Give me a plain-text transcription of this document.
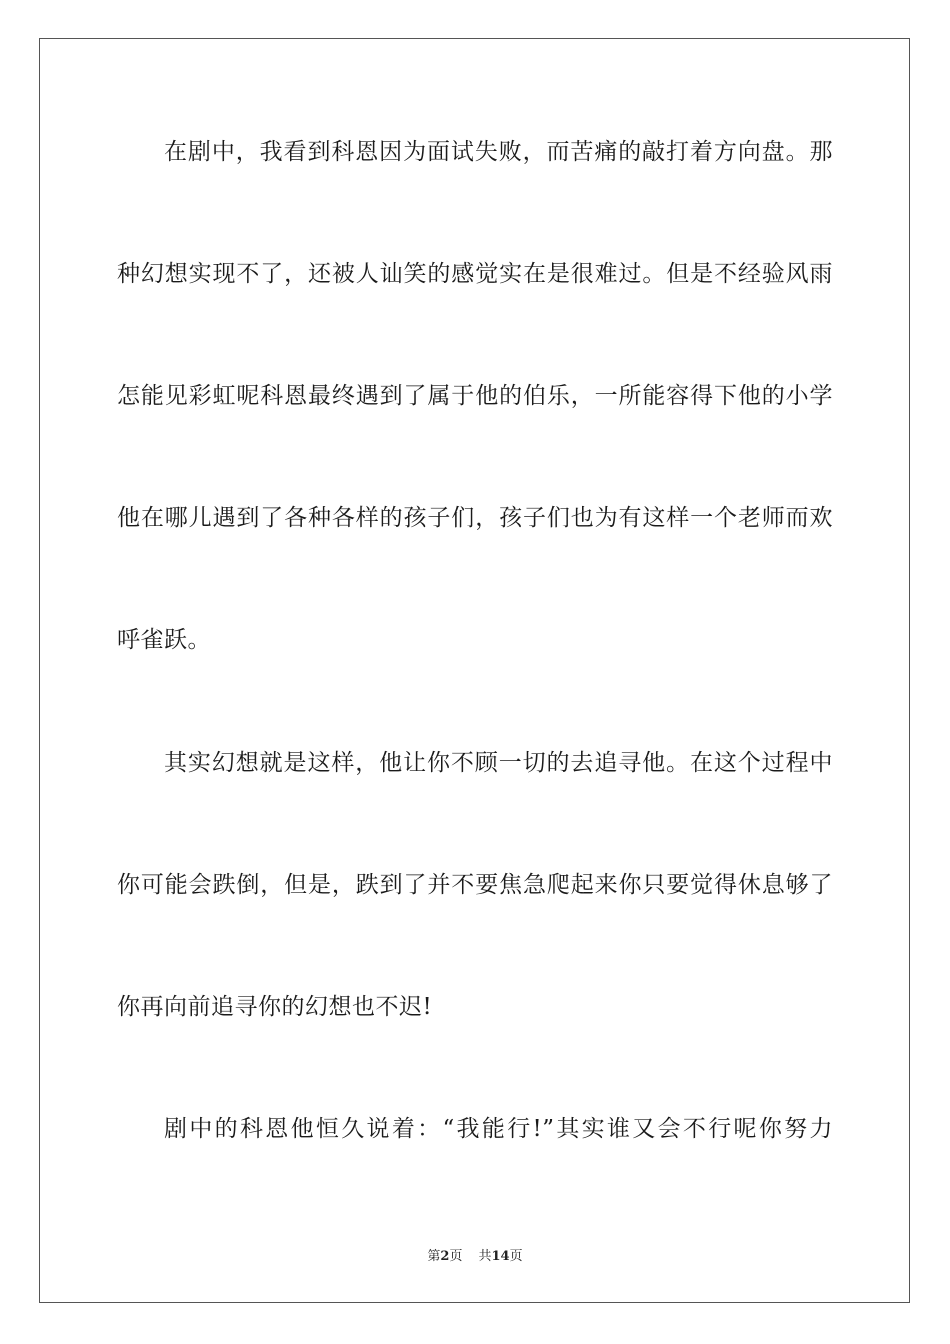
在剧中，我看到科恩因为面试失败，而苦痛的敲打着方向盘。那
种幻想实现不了，还被人讪笑的感觉实在是很难过。但是不经验风雨
怎能见彩虹呢科恩最终遇到了属于他的伯乐，一所能容得下他的小学
他在哪儿遇到了各种各样的孩子们，孩子们也为有这样一个老师而欢
呼雀跃。
其实幻想就是这样，他让你不顾一切的去追寻他。在这个过程中
你可能会跌倒，但是，跌到了并不要焦急爬起来你只要觉得休息够了
你再向前追寻你的幻想也不迟!
剧中的科恩他恒久说着：“我能行!”其实谁又会不行呢你努力
第2页 共14页
